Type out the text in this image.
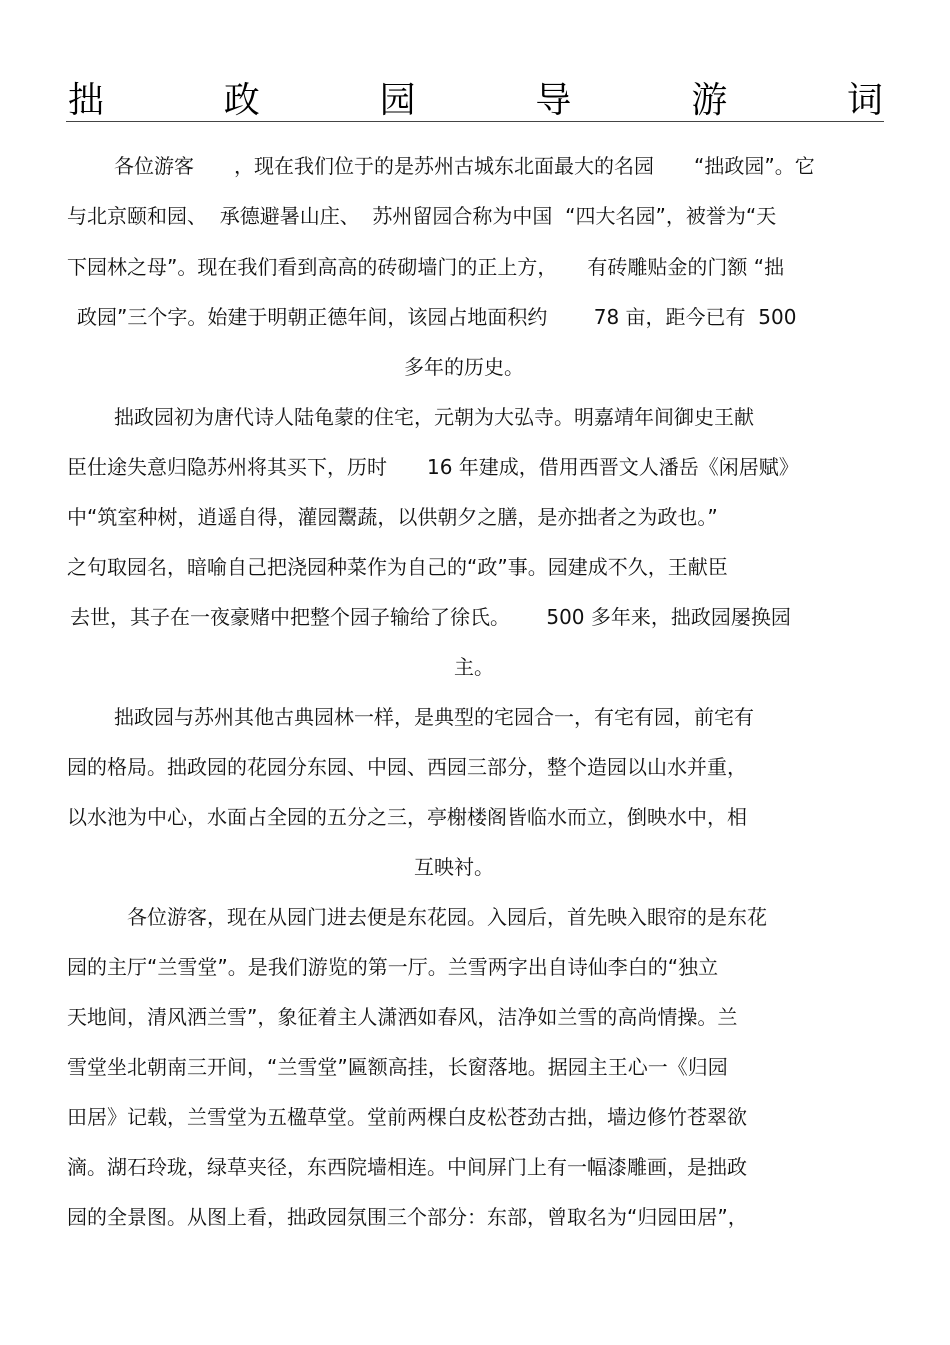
拙	政	园	导	游	词
各位游客　　，现在我们位于的是苏州古城东北面最大的名园　　“拙政园”。它
与北京颐和园、  承德避暑山庄、  苏州留园合称为中国  “四大名园”，被誉为“天
下园林之母”。现在我们看到高高的砖砌墙门的正上方，　　有砖雕贴金的门额 “拙
政园”三个字。始建于明朝正德年间，该园占地面积约　　 78 亩，距今已有  500
多年的历史。
拙政园初为唐代诗人陆龟蒙的住宅，元朝为大弘寺。明嘉靖年间御史王献
臣仕途失意归隐苏州将其买下，历时　　16 年建成，借用西晋文人潘岳《闲居赋》
中“筑室种树，逍遥自得，灌园鬻蔬，以供朝夕之膳，是亦拙者之为政也。”
之句取园名，暗喻自己把浇园种菜作为自己的“政”事。园建成不久，王献臣
去世，其子在一夜豪赌中把整个园子输给了徐氏。　　 500 多年来，拙政园屡换园
主。
拙政园与苏州其他古典园林一样，是典型的宅园合一，有宅有园，前宅有
园的格局。拙政园的花园分东园、中园、西园三部分，整个造园以山水并重，
以水池为中心，水面占全园的五分之三，亭榭楼阁皆临水而立，倒映水中，相
互映衬。
各位游客，现在从园门进去便是东花园。入园后，首先映入眼帘的是东花
园的主厅“兰雪堂”。是我们游览的第一厅。兰雪两字出自诗仙李白的“独立
天地间，清风洒兰雪”，象征着主人潇洒如春风，洁净如兰雪的高尚情操。兰
雪堂坐北朝南三开间，“兰雪堂”匾额高挂，长窗落地。据园主王心一《归园
田居》记载，兰雪堂为五楹草堂。堂前两棵白皮松苍劲古拙，墙边修竹苍翠欲
滴。湖石玲珑，绿草夹径，东西院墙相连。中间屏门上有一幅漆雕画，是拙政
园的全景图。从图上看，拙政园氛围三个部分：东部，曾取名为“归园田居”，
